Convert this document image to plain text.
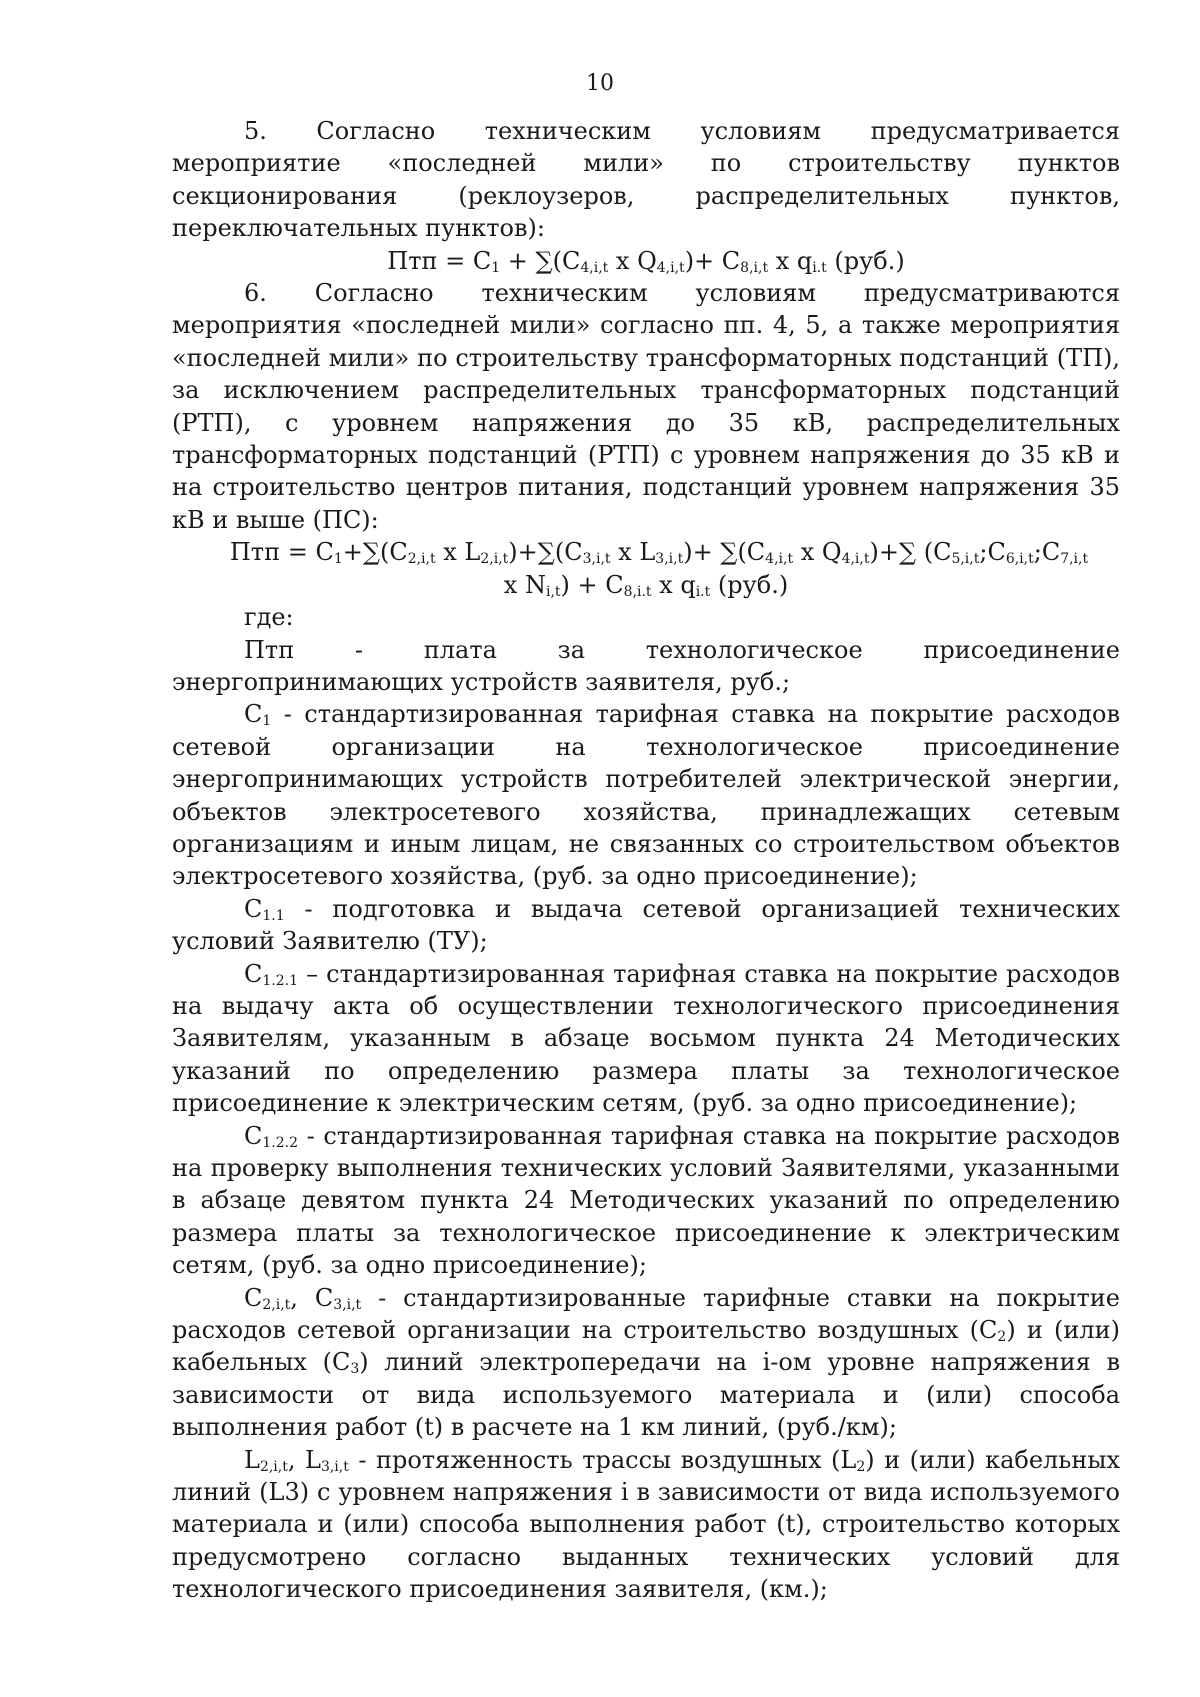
10

5. Согласно техническим условиям предусматривается мероприятие «последней мили» по строительству пунктов секционирования (реклоузеров, распределительных пунктов, переключательных пунктов):

Птп = $С_1 + \sum(С_{4,i,t}$ х $Q_{4,i,t})+ С_{8,i,t}$ х $q_{i.t}$ (руб.)

6. Согласно техническим условиям предусматриваются мероприятия «последней мили» согласно пп. 4, 5, а также мероприятия «последней мили» по строительству трансформаторных подстанций (ТП), за исключением распределительных трансформаторных подстанций (РТП), с уровнем напряжения до 35 кВ, распределительных трансформаторных подстанций (РТП) с уровнем напряжения до 35 кВ и на строительство центров питания, подстанций уровнем напряжения 35 кВ и выше (ПС):

Птп = $С_1+\sum(С_{2,i,t}$ х $L_{2,i,t})+\sum(С_{3,i,t}$ х $L_{3,i,t})+ \sum(С_{4,i,t}$ х $Q_{4,i,t})+\sum$ ($С_{5,i,t};С_{6,i,t};С_{7,i,t}$

х $N_{i,t}) + С_{8,i.t}$ х $q_{i.t}$ (руб.)

где:

Птп - плата за технологическое присоединение энергопринимающих устройств заявителя, руб.;

$С_1$ - стандартизированная тарифная ставка на покрытие расходов сетевой организации на технологическое присоединение энергопринимающих устройств потребителей электрической энергии, объектов электросетевого хозяйства, принадлежащих сетевым организациям и иным лицам, не связанных со строительством объектов электросетевого хозяйства, (руб. за одно присоединение);

$С_{1.1}$ - подготовка и выдача сетевой организацией технических условий Заявителю (ТУ);

$С_{1.2.1}$ – стандартизированная тарифная ставка на покрытие расходов на выдачу акта об осуществлении технологического присоединения Заявителям, указанным в абзаце восьмом пункта 24 Методических указаний по определению размера платы за технологическое присоединение к электрическим сетям, (руб. за одно присоединение);

$С_{1.2.2}$ - стандартизированная тарифная ставка на покрытие расходов на проверку выполнения технических условий Заявителями, указанными в абзаце девятом пункта 24 Методических указаний по определению размера платы за технологическое присоединение к электрическим сетям, (руб. за одно присоединение);

$С_{2,i,t}$, $С_{3,i,t}$ - стандартизированные тарифные ставки на покрытие расходов сетевой организации на строительство воздушных $(С_2)$ и (или) кабельных $(С_3)$ линий электропередачи на i-ом уровне напряжения в зависимости от вида используемого материала и (или) способа выполнения работ (t) в расчете на 1 км линий, (руб./км);

$L_{2,i,t}$, $L_{3,i,t}$ - протяженность трассы воздушных $(L_2)$ и (или) кабельных линий (L3) с уровнем напряжения i в зависимости от вида используемого материала и (или) способа выполнения работ (t), строительство которых предусмотрено согласно выданных технических условий для технологического присоединения заявителя, (км.);
